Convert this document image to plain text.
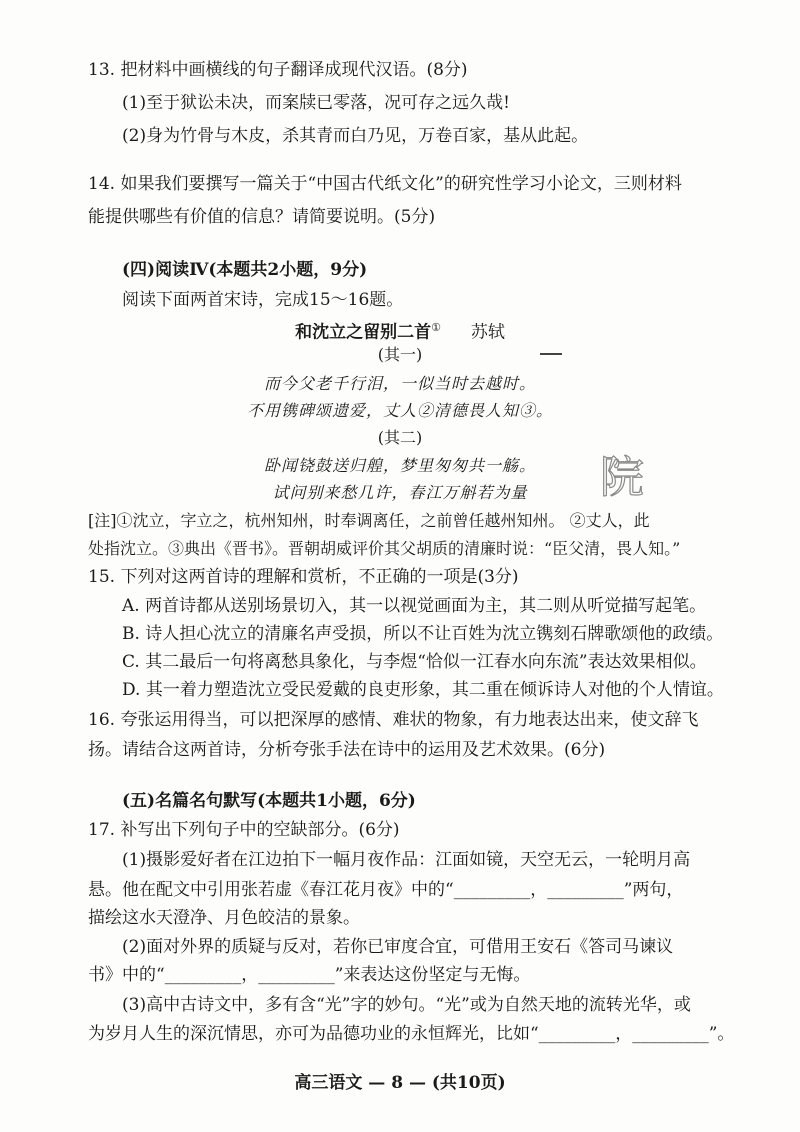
13. 把材料中画横线的句子翻译成现代汉语。(8分)
(1)至于狱讼未决，而案牍已零落，况可存之远久哉!
(2)身为竹骨与木皮，杀其青而白乃见，万卷百家，基从此起。
14. 如果我们要撰写一篇关于“中国古代纸文化”的研究性学习小论文，三则材料
能提供哪些有价值的信息？请简要说明。(5分)
(四)阅读Ⅳ(本题共2小题，9分)
阅读下面两首宋诗，完成15～16题。
和沈立之留别二首① 苏轼
(其一)
而今父老千行泪，一似当时去越时。
不用镌碑颂遗爱，丈人②清德畏人知③。
(其二)
卧闻铙鼓送归艎，梦里匆匆共一觞。
试问别来愁几许，春江万斛若为量	院
[注]①沈立，字立之，杭州知州，时奉调离任，之前曾任越州知州。 ②丈人，此
处指沈立。③典出《晋书》。晋朝胡威评价其父胡质的清廉时说：“臣父清，畏人知。”
15. 下列对这两首诗的理解和赏析，不正确的一项是(3分)
A. 两首诗都从送别场景切入，其一以视觉画面为主，其二则从听觉描写起笔。
B. 诗人担心沈立的清廉名声受损，所以不让百姓为沈立镌刻石牌歌颂他的政绩。
C. 其二最后一句将离愁具象化，与李煜“恰似一江春水向东流”表达效果相似。
D. 其一着力塑造沈立受民爱戴的良吏形象，其二重在倾诉诗人对他的个人情谊。
16. 夸张运用得当，可以把深厚的感情、难状的物象，有力地表达出来，使文辞飞
扬。请结合这两首诗，分析夸张手法在诗中的运用及艺术效果。(6分)
(五)名篇名句默写(本题共1小题，6分)
17. 补写出下列句子中的空缺部分。(6分)
(1)摄影爱好者在江边拍下一幅月夜作品：江面如镜，天空无云，一轮明月高
悬。他在配文中引用张若虚《春江花月夜》中的“_________，_________”两句，
描绘这水天澄净、月色皎洁的景象。
(2)面对外界的质疑与反对，若你已审度合宜，可借用王安石《答司马谏议
书》中的“_________，_________”来表达这份坚定与无悔。
(3)高中古诗文中，多有含“光”字的妙句。“光”或为自然天地的流转光华，或
为岁月人生的深沉情思，亦可为品德功业的永恒辉光，比如“_________，_________”。
高三语文 — 8 — (共10页)
